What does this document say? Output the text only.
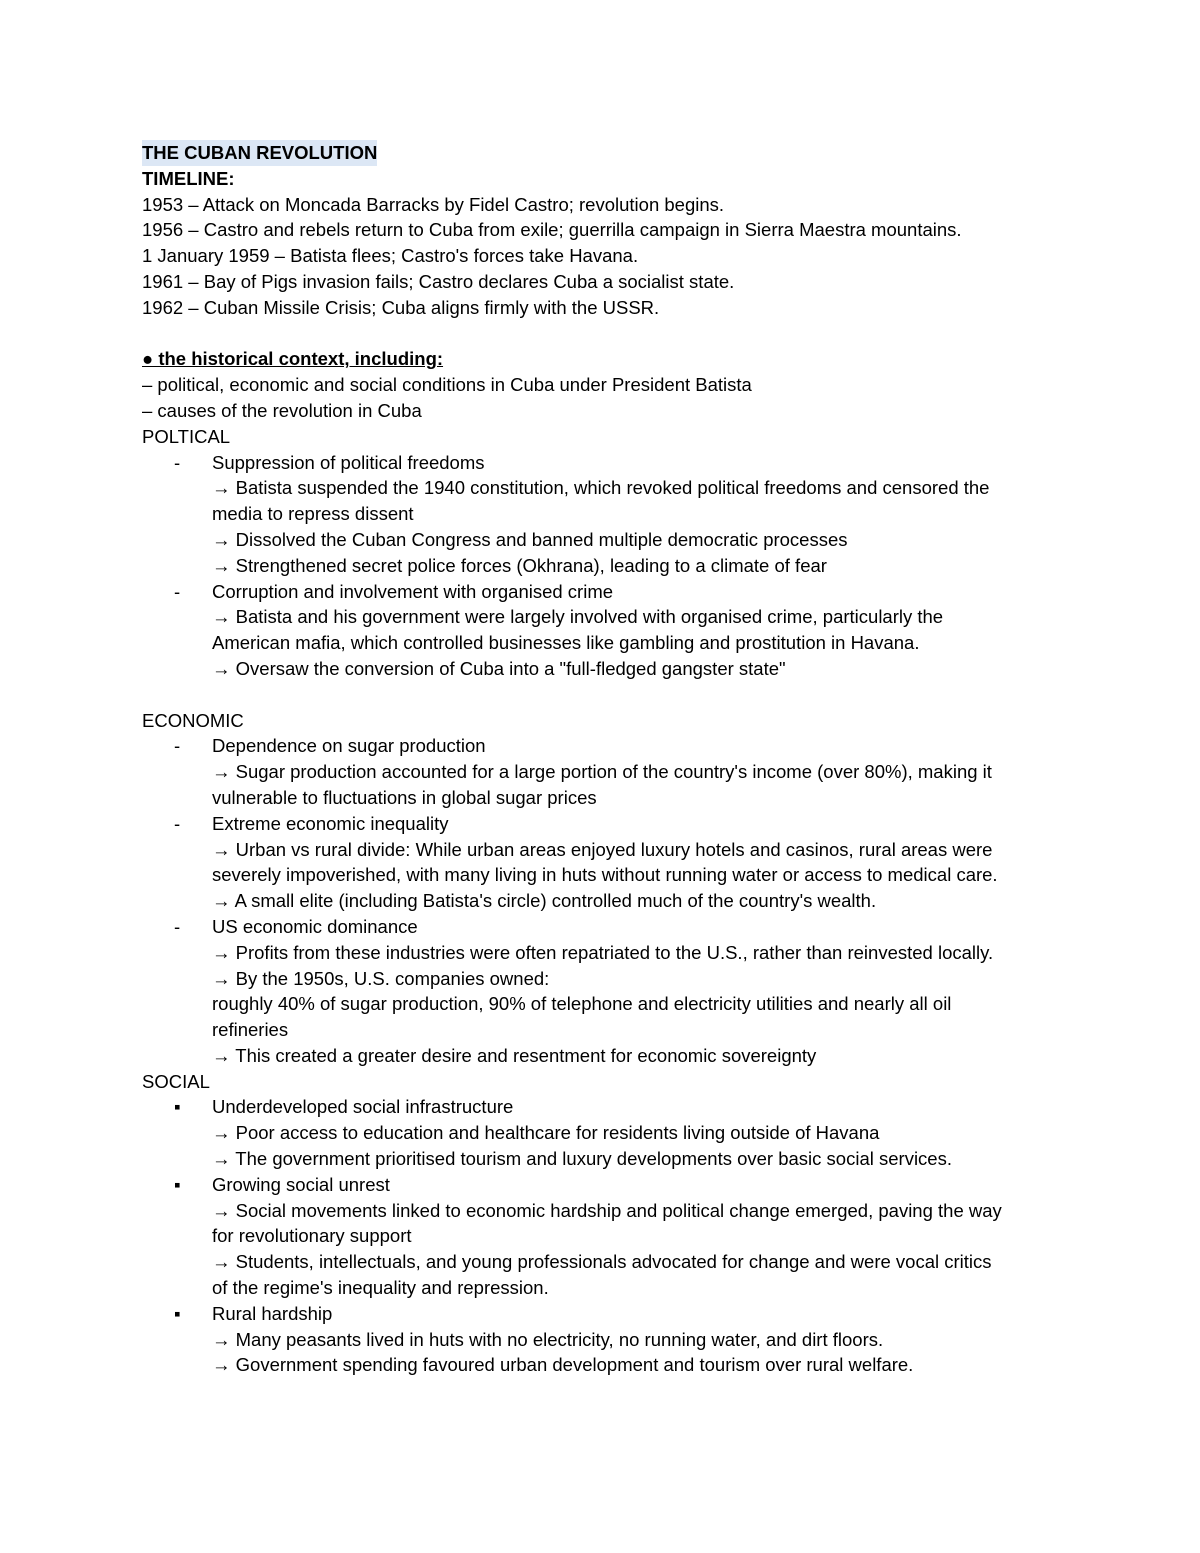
THE CUBAN REVOLUTION
TIMELINE:
1953 – Attack on Moncada Barracks by Fidel Castro; revolution begins.
1956 – Castro and rebels return to Cuba from exile; guerrilla campaign in Sierra Maestra mountains.
1 January 1959 – Batista flees; Castro's forces take Havana.
1961 – Bay of Pigs invasion fails; Castro declares Cuba a socialist state.
1962 – Cuban Missile Crisis; Cuba aligns firmly with the USSR.
● the historical context, including:
– political, economic and social conditions in Cuba under President Batista
– causes of the revolution in Cuba
POLTICAL
- Suppression of political freedoms
→ Batista suspended the 1940 constitution, which revoked political freedoms and censored the
media to repress dissent
→ Dissolved the Cuban Congress and banned multiple democratic processes
→ Strengthened secret police forces (Okhrana), leading to a climate of fear
- Corruption and involvement with organised crime
→ Batista and his government were largely involved with organised crime, particularly the
American mafia, which controlled businesses like gambling and prostitution in Havana.
→ Oversaw the conversion of Cuba into a "full-fledged gangster state"
ECONOMIC
- Dependence on sugar production
→ Sugar production accounted for a large portion of the country's income (over 80%), making it
vulnerable to fluctuations in global sugar prices
- Extreme economic inequality
→ Urban vs rural divide: While urban areas enjoyed luxury hotels and casinos, rural areas were
severely impoverished, with many living in huts without running water or access to medical care.
→ A small elite (including Batista's circle) controlled much of the country's wealth.
- US economic dominance
→ Profits from these industries were often repatriated to the U.S., rather than reinvested locally.
→ By the 1950s, U.S. companies owned:
roughly 40% of sugar production, 90% of telephone and electricity utilities and nearly all oil
refineries
→ This created a greater desire and resentment for economic sovereignty
SOCIAL
▪ Underdeveloped social infrastructure
→ Poor access to education and healthcare for residents living outside of Havana
→ The government prioritised tourism and luxury developments over basic social services.
▪ Growing social unrest
→ Social movements linked to economic hardship and political change emerged, paving the way
for revolutionary support
→ Students, intellectuals, and young professionals advocated for change and were vocal critics
of the regime's inequality and repression.
▪ Rural hardship
→ Many peasants lived in huts with no electricity, no running water, and dirt floors.
→ Government spending favoured urban development and tourism over rural welfare.
